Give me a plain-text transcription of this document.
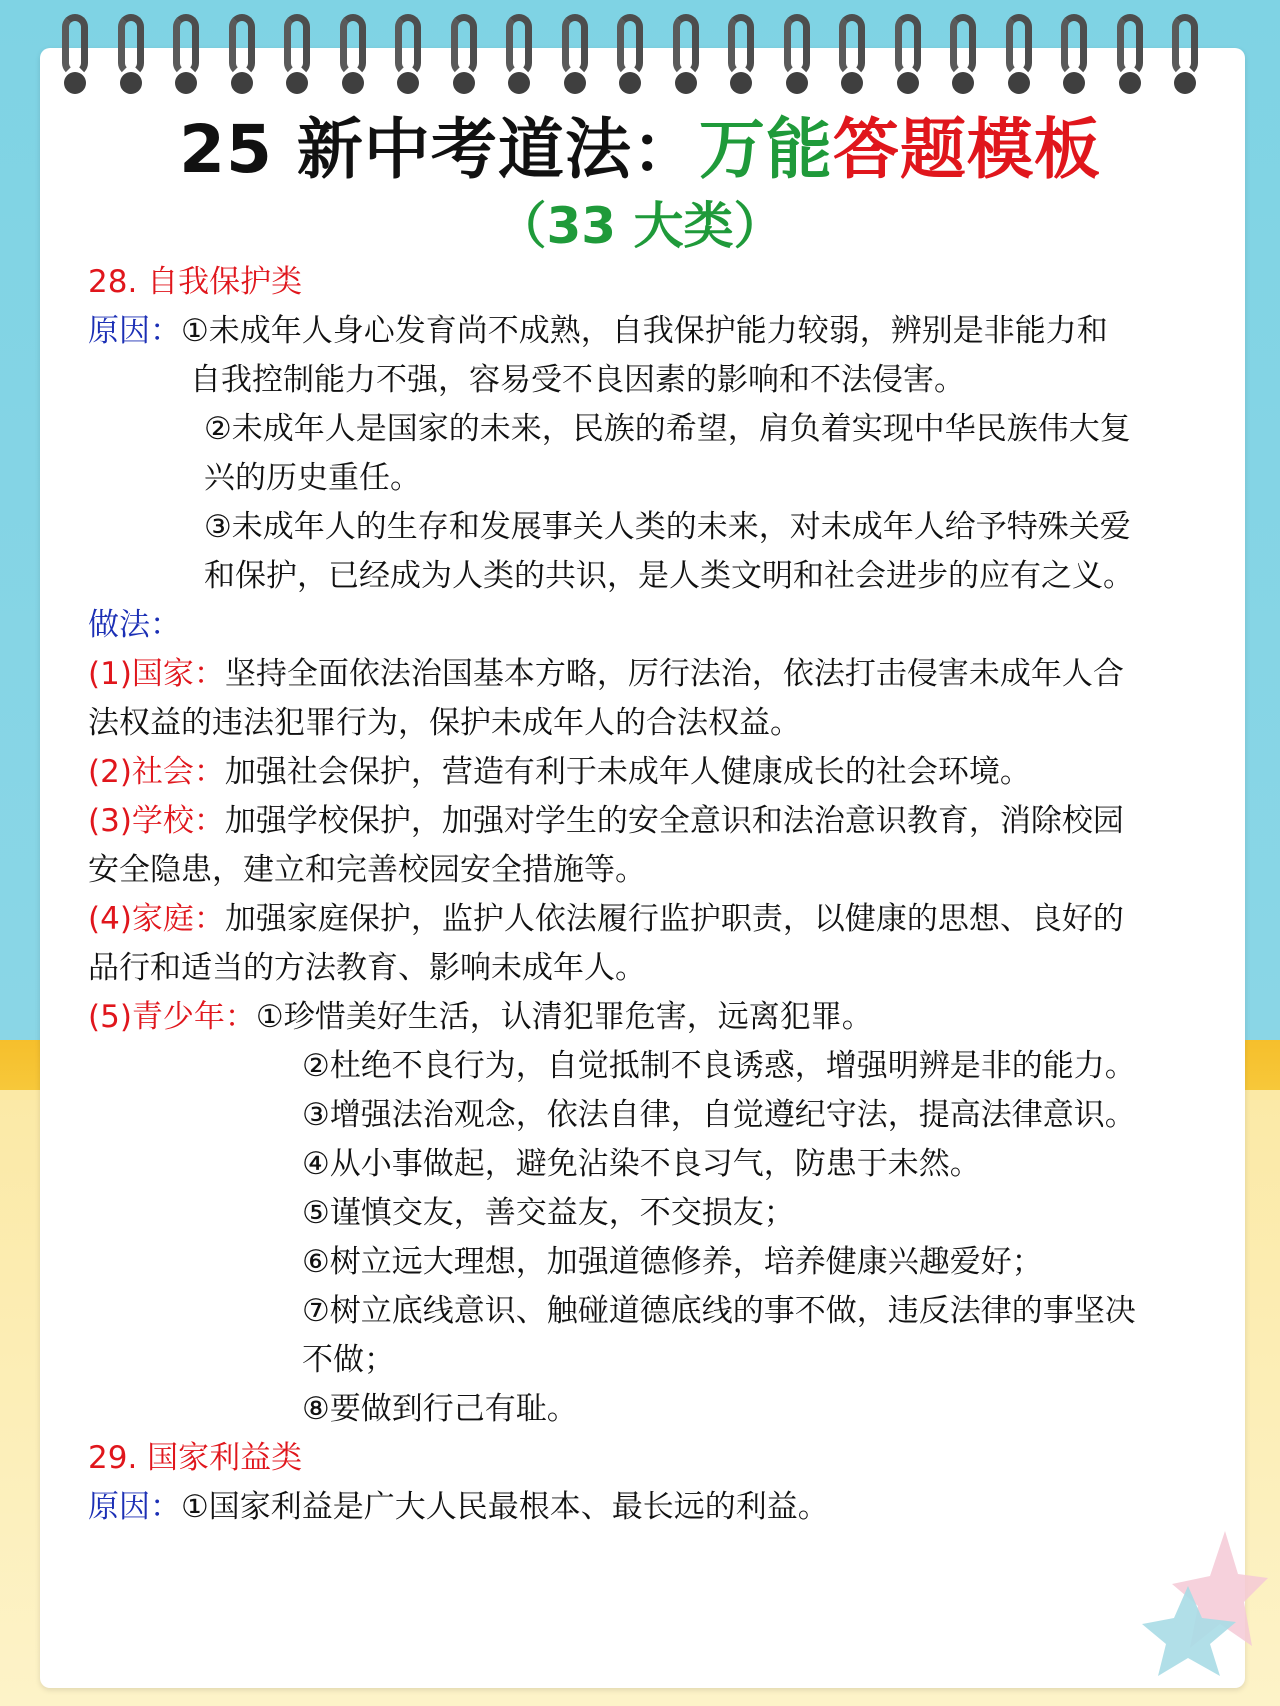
25 新中考道法：万能答题模板
（33 大类）
28. 自我保护类
原因：①未成年人身心发育尚不成熟，自我保护能力较弱，辨别是非能力和
自我控制能力不强，容易受不良因素的影响和不法侵害。
②未成年人是国家的未来，民族的希望，肩负着实现中华民族伟大复
兴的历史重任。
③未成年人的生存和发展事关人类的未来，对未成年人给予特殊关爱
和保护，已经成为人类的共识，是人类文明和社会进步的应有之义。
做法：
(1)国家：坚持全面依法治国基本方略，厉行法治，依法打击侵害未成年人合
法权益的违法犯罪行为，保护未成年人的合法权益。
(2)社会：加强社会保护，营造有利于未成年人健康成长的社会环境。
(3)学校：加强学校保护，加强对学生的安全意识和法治意识教育，消除校园
安全隐患，建立和完善校园安全措施等。
(4)家庭：加强家庭保护，监护人依法履行监护职责，以健康的思想、良好的
品行和适当的方法教育、影响未成年人。
(5)青少年：①珍惜美好生活，认清犯罪危害，远离犯罪。
②杜绝不良行为，自觉抵制不良诱惑，增强明辨是非的能力。
③增强法治观念，依法自律，自觉遵纪守法，提高法律意识。
④从小事做起，避免沾染不良习气，防患于未然。
⑤谨慎交友，善交益友，不交损友；
⑥树立远大理想，加强道德修养，培养健康兴趣爱好；
⑦树立底线意识、触碰道德底线的事不做，违反法律的事坚决
不做；
⑧要做到行己有耻。
29. 国家利益类
原因：①国家利益是广大人民最根本、最长远的利益。
